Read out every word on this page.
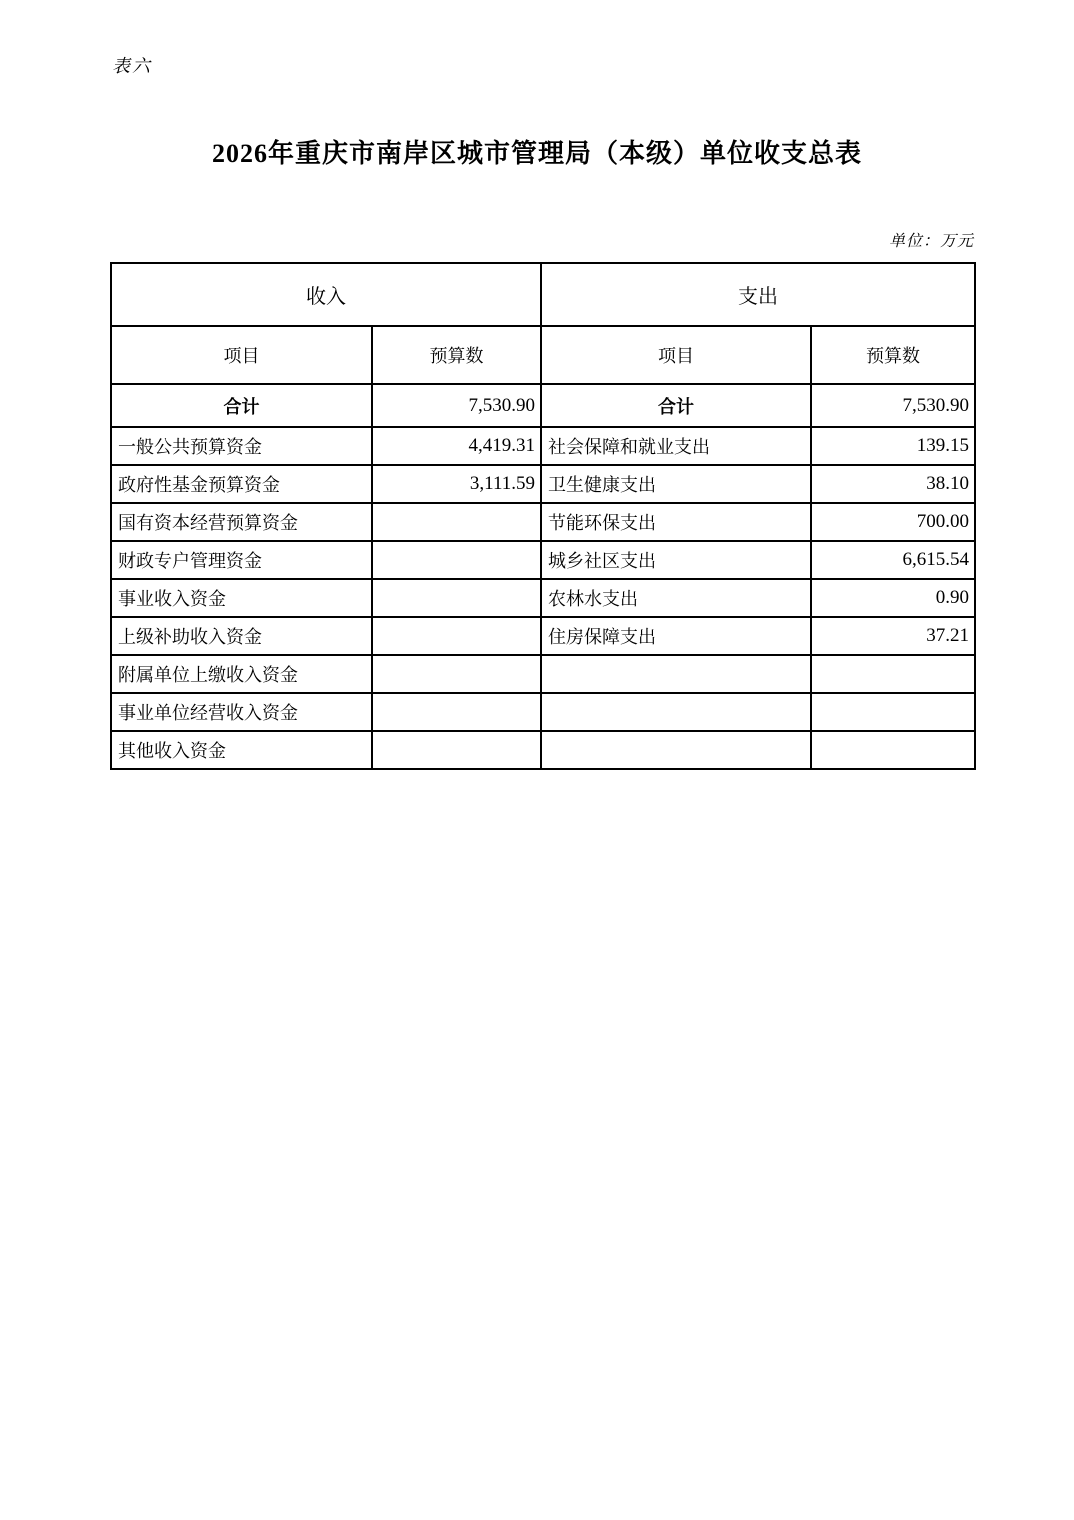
表六
2026年重庆市南岸区城市管理局（本级）单位收支总表
单位：万元
收入		支出	
项目	预算数	项目	预算数
合计	7,530.90	合计	7,530.90
一般公共预算资金	4,419.31	社会保障和就业支出	139.15
政府性基金预算资金	3,111.59	卫生健康支出	38.10
国有资本经营预算资金		节能环保支出	700.00
财政专户管理资金		城乡社区支出	6,615.54
事业收入资金		农林水支出	0.90
上级补助收入资金		住房保障支出	37.21
附属单位上缴收入资金			
事业单位经营收入资金			
其他收入资金			
